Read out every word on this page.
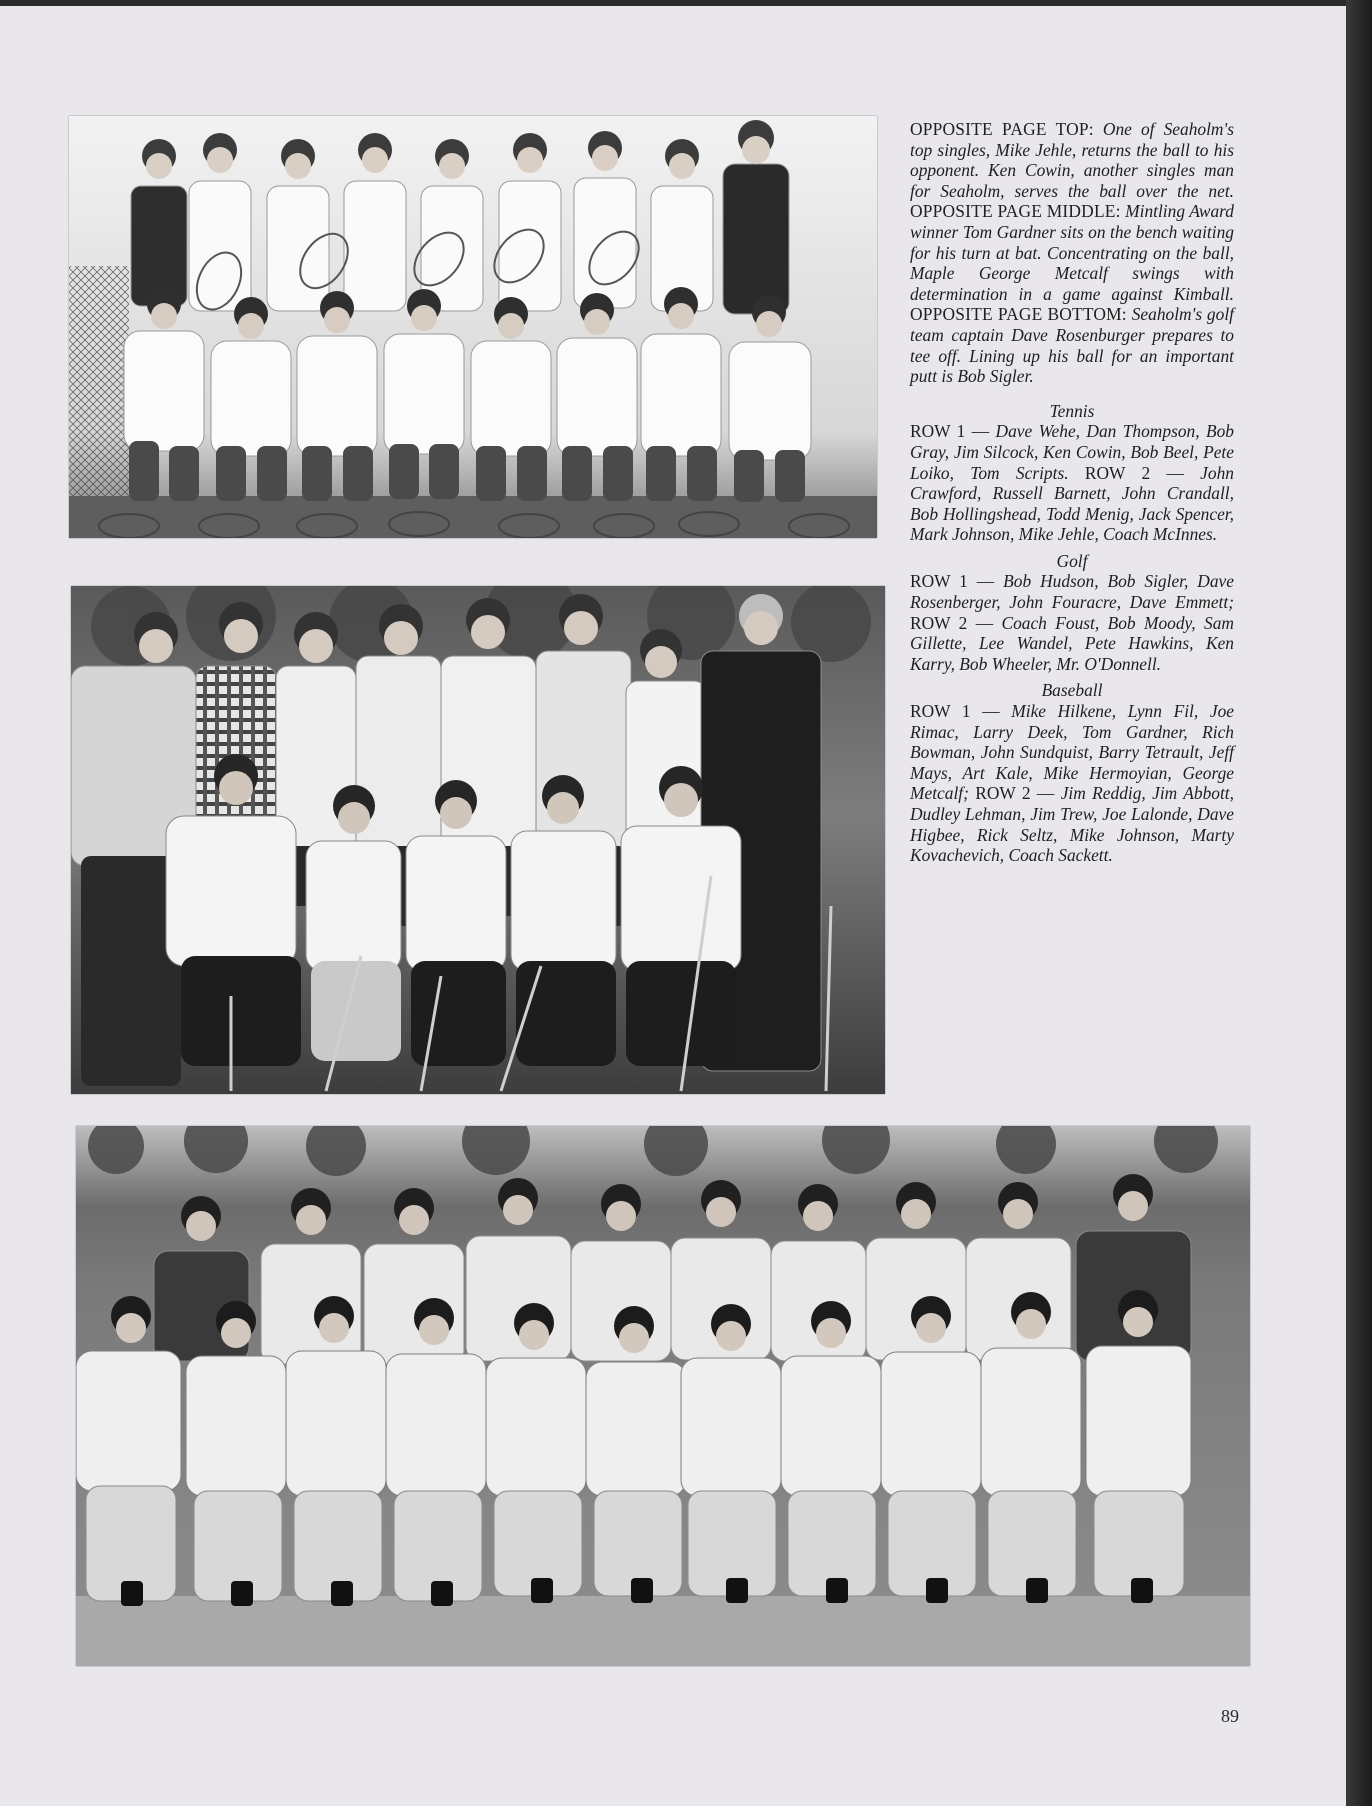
OPPOSITE PAGE TOP: One of Seaholm's top singles, Mike Jehle, returns the ball to his opponent. Ken Cowin, another singles man for Seaholm, serves the ball over the net. OPPOSITE PAGE MIDDLE: Mintling Award winner Tom Gardner sits on the bench waiting for his turn at bat. Concentrating on the ball, Maple George Metcalf swings with determination in a game against Kimball. OPPOSITE PAGE BOTTOM: Seaholm's golf team captain Dave Rosenburger prepares to tee off. Lining up his ball for an important putt is Bob Sigler.

Tennis

ROW 1 — Dave Wehe, Dan Thompson, Bob Gray, Jim Silcock, Ken Cowin, Bob Beel, Pete Loiko, Tom Scripts. ROW 2 — John Crawford, Russell Barnett, John Crandall, Bob Hollingshead, Todd Menig, Jack Spencer, Mark Johnson, Mike Jehle, Coach McInnes.

Golf

ROW 1 — Bob Hudson, Bob Sigler, Dave Rosenberger, John Fouracre, Dave Emmett; ROW 2 — Coach Foust, Bob Moody, Sam Gillette, Lee Wandel, Pete Hawkins, Ken Karry, Bob Wheeler, Mr. O'Donnell.

Baseball

ROW 1 — Mike Hilkene, Lynn Fil, Joe Rimac, Larry Deek, Tom Gardner, Rich Bowman, John Sundquist, Barry Tetrault, Jeff Mays, Art Kale, Mike Hermoyian, George Metcalf; ROW 2 — Jim Reddig, Jim Abbott, Dudley Lehman, Jim Trew, Joe Lalonde, Dave Higbee, Rick Seltz, Mike Johnson, Marty Kovachevich, Coach Sackett.

89
